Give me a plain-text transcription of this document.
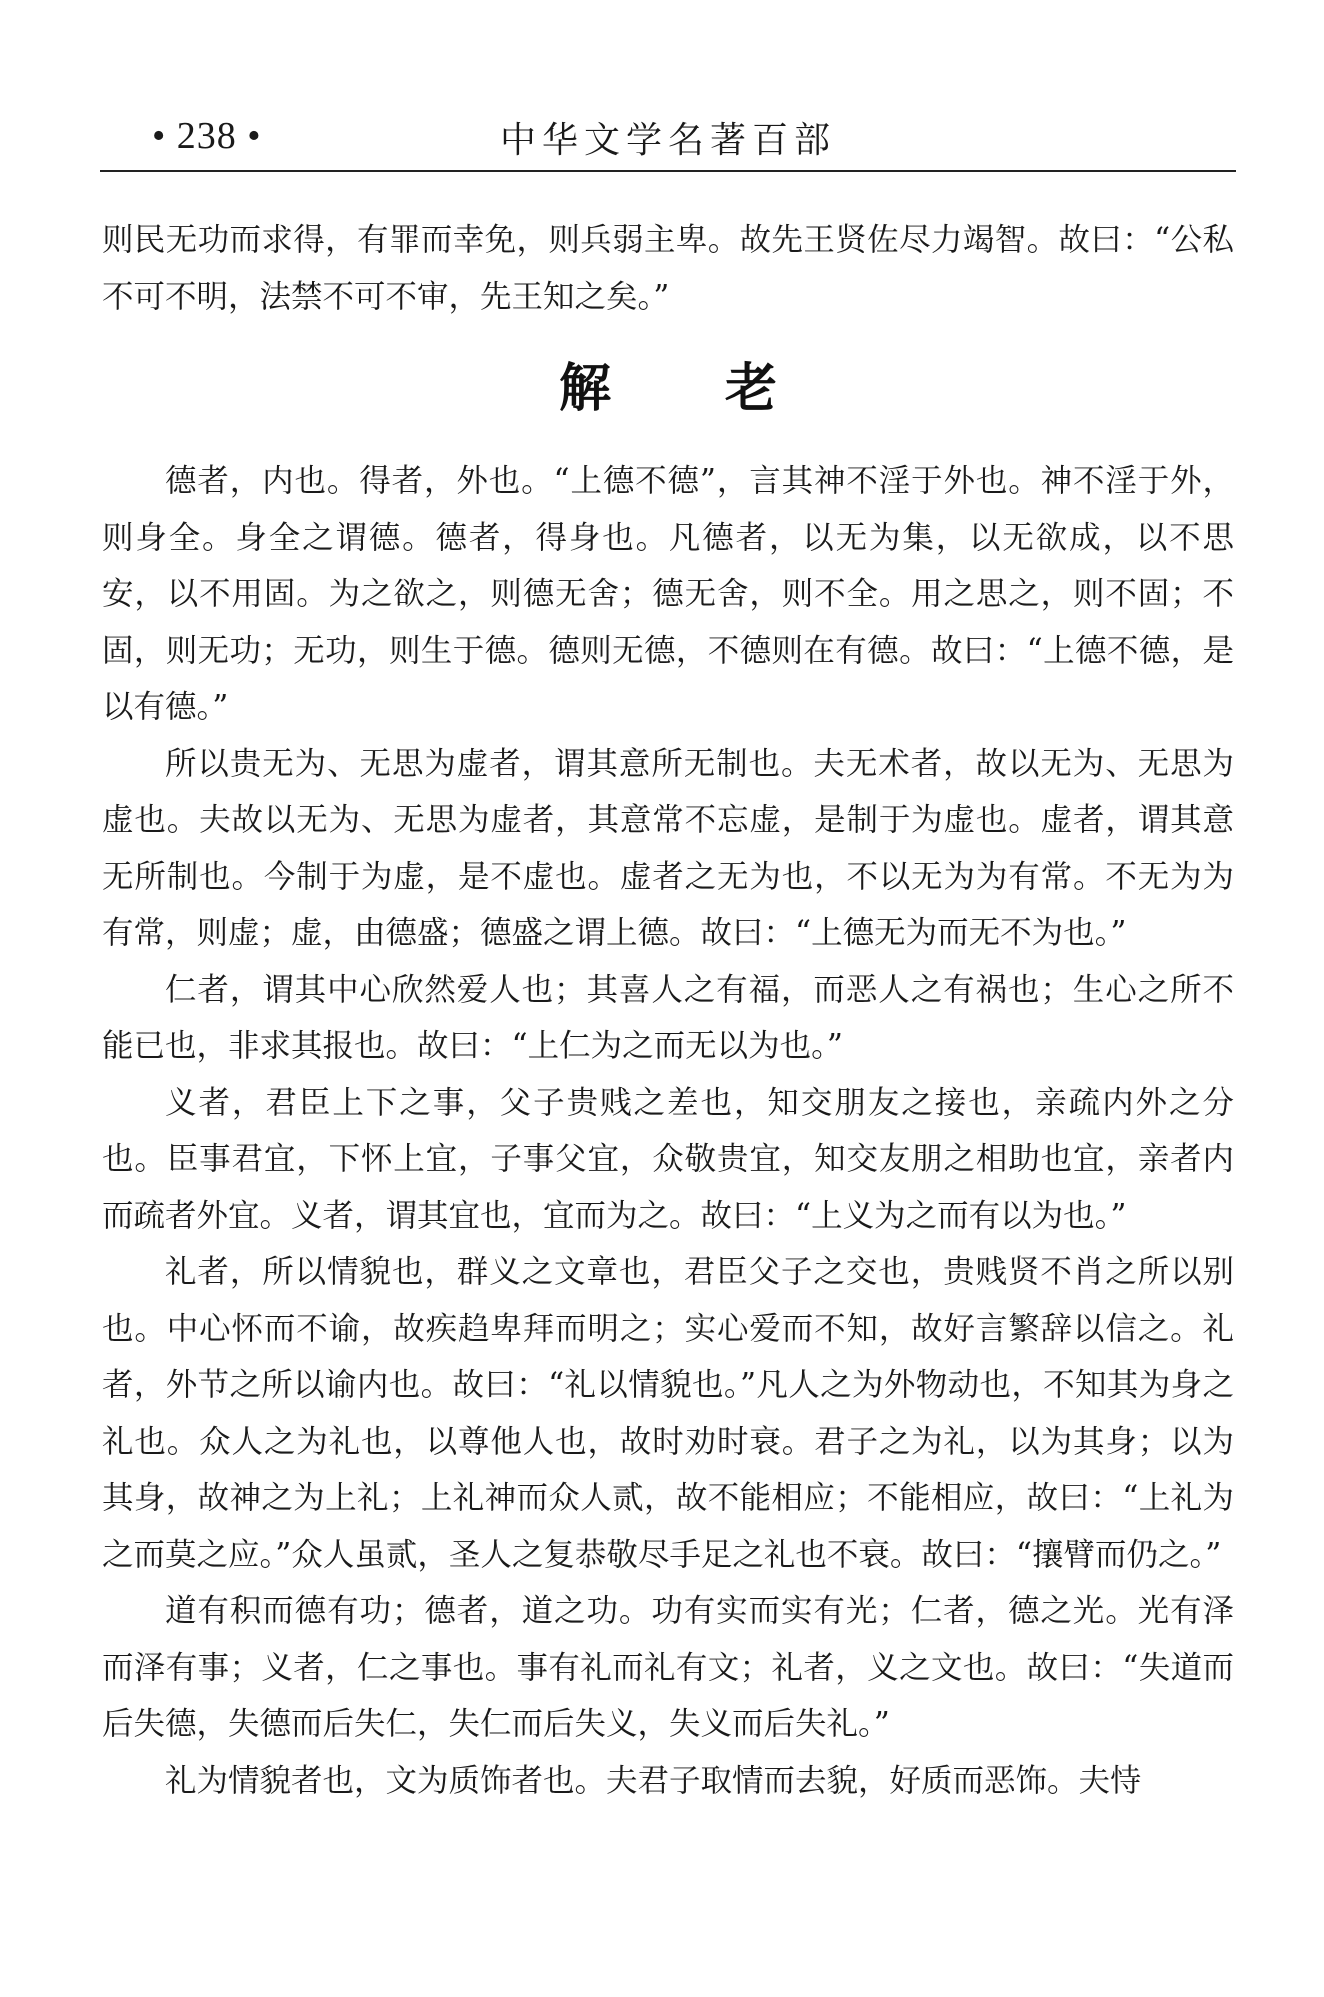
• 238 •	中华文学名著百部

则民无功而求得，有罪而幸免，则兵弱主卑。故先王贤佐尽力竭智。故曰：“公私不可不明，法禁不可不审，先王知之矣。”

解 老

德者，内也。得者，外也。“上德不德”，言其神不淫于外也。神不淫于外，则身全。身全之谓德。德者，得身也。凡德者，以无为集，以无欲成，以不思安，以不用固。为之欲之，则德无舍；德无舍，则不全。用之思之，则不固；不固，则无功；无功，则生于德。德则无德，不德则在有德。故曰：“上德不德，是以有德。”

所以贵无为、无思为虚者，谓其意所无制也。夫无术者，故以无为、无思为虚也。夫故以无为、无思为虚者，其意常不忘虚，是制于为虚也。虚者，谓其意无所制也。今制于为虚，是不虚也。虚者之无为也，不以无为为有常。不无为为有常，则虚；虚，由德盛；德盛之谓上德。故曰：“上德无为而无不为也。”

仁者，谓其中心欣然爱人也；其喜人之有福，而恶人之有祸也；生心之所不能已也，非求其报也。故曰：“上仁为之而无以为也。”

义者，君臣上下之事，父子贵贱之差也，知交朋友之接也，亲疏内外之分也。臣事君宜，下怀上宜，子事父宜，众敬贵宜，知交友朋之相助也宜，亲者内而疏者外宜。义者，谓其宜也，宜而为之。故曰：“上义为之而有以为也。”

礼者，所以情貌也，群义之文章也，君臣父子之交也，贵贱贤不肖之所以别也。中心怀而不谕，故疾趋卑拜而明之；实心爱而不知，故好言繁辞以信之。礼者，外节之所以谕内也。故曰：“礼以情貌也。”凡人之为外物动也，不知其为身之礼也。众人之为礼也，以尊他人也，故时劝时衰。君子之为礼，以为其身；以为其身，故神之为上礼；上礼神而众人贰，故不能相应；不能相应，故曰：“上礼为之而莫之应。”众人虽贰，圣人之复恭敬尽手足之礼也不衰。故曰：“攘臂而仍之。”

道有积而德有功；德者，道之功。功有实而实有光；仁者，德之光。光有泽而泽有事；义者，仁之事也。事有礼而礼有文；礼者，义之文也。故曰：“失道而后失德，失德而后失仁，失仁而后失义，失义而后失礼。”

礼为情貌者也，文为质饰者也。夫君子取情而去貌，好质而恶饰。夫恃
